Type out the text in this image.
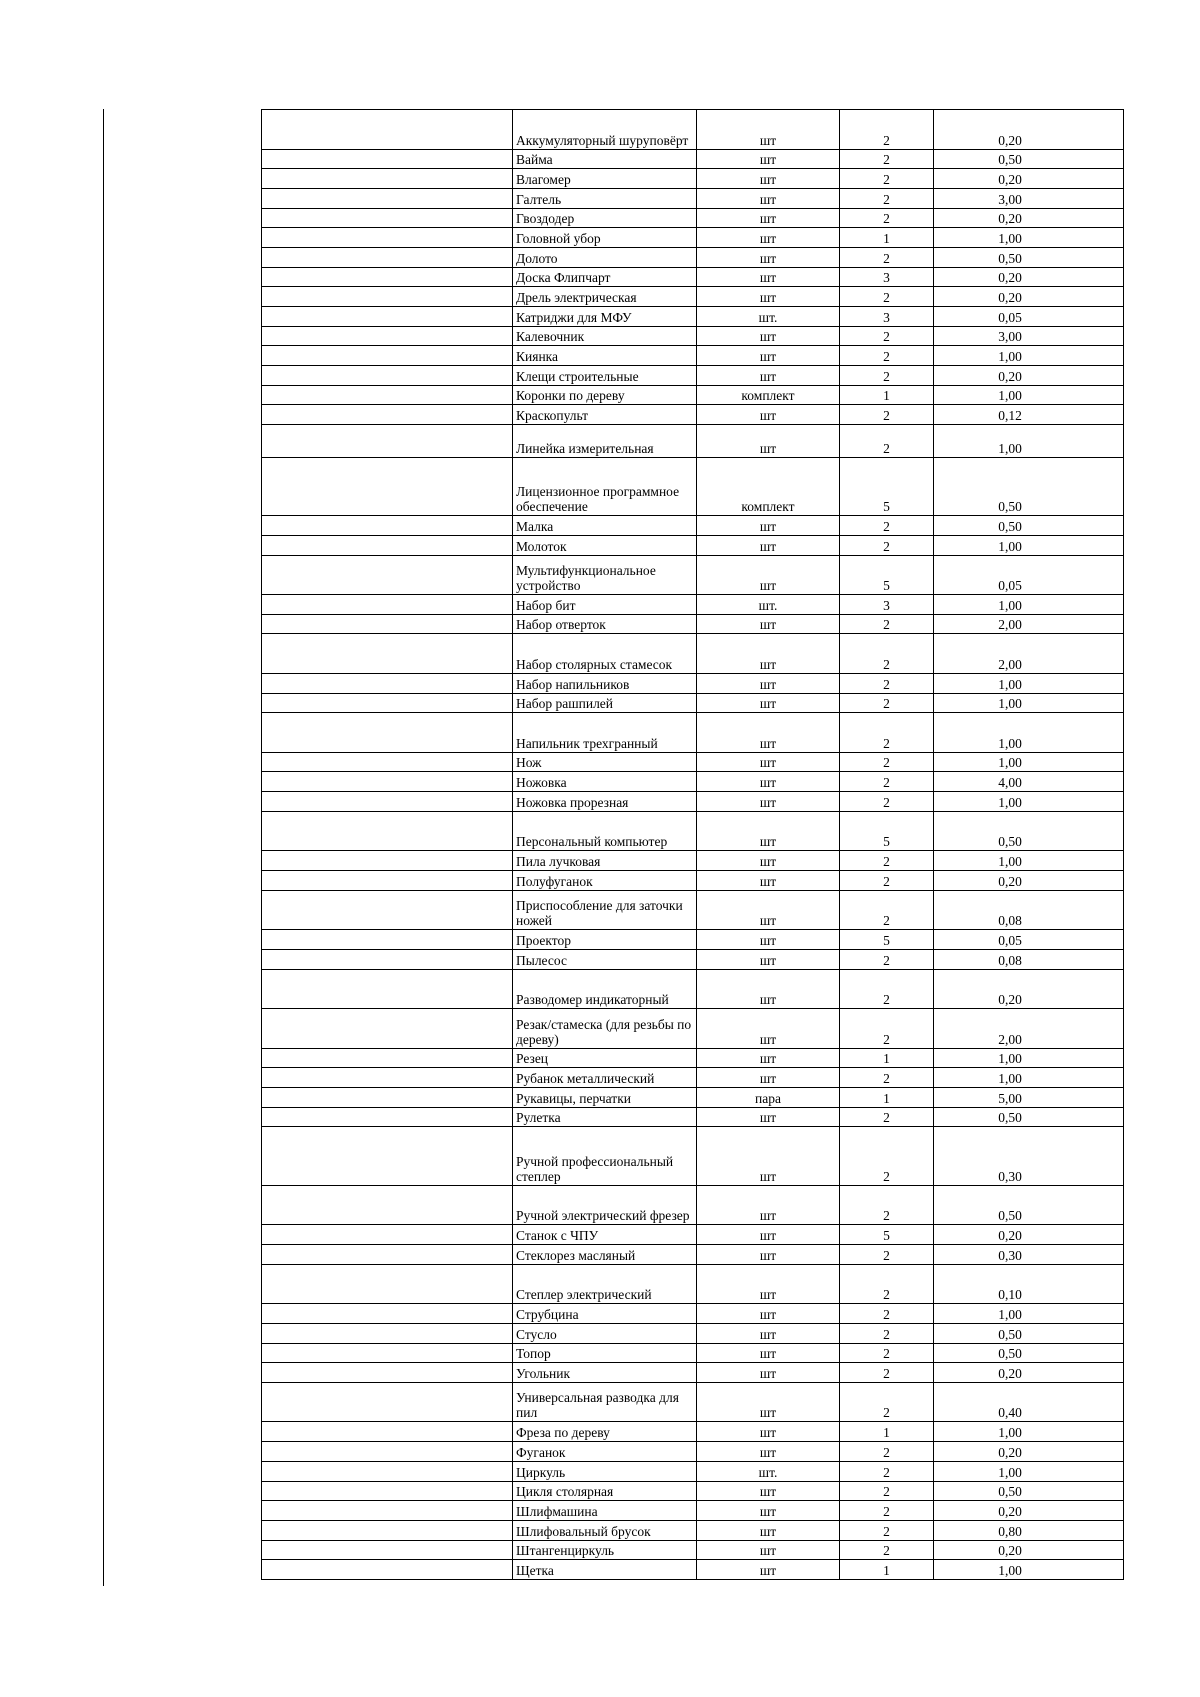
	Аккумуляторный шуруповёрт	шт	2	0,20
	Вайма	шт	2	0,50
	Влагомер	шт	2	0,20
	Галтель	шт	2	3,00
	Гвоздодер	шт	2	0,20
	Головной убор	шт	1	1,00
	Долото	шт	2	0,50
	Доска Флипчарт	шт	3	0,20
	Дрель электрическая	шт	2	0,20
	Катриджи для МФУ	шт.	3	0,05
	Калевочник	шт	2	3,00
	Киянка	шт	2	1,00
	Клещи строительные	шт	2	0,20
	Коронки по дереву	комплект	1	1,00
	Краскопульт	шт	2	0,12
	Линейка измерительная	шт	2	1,00
	Лицензионное программное обеспечение	комплект	5	0,50
	Малка	шт	2	0,50
	Молоток	шт	2	1,00
	Мультифункциональное устройство	шт	5	0,05
	Набор бит	шт.	3	1,00
	Набор отверток	шт	2	2,00
	Набор столярных стамесок	шт	2	2,00
	Набор напильников	шт	2	1,00
	Набор рашпилей	шт	2	1,00
	Напильник трехгранный	шт	2	1,00
	Нож	шт	2	1,00
	Ножовка	шт	2	4,00
	Ножовка прорезная	шт	2	1,00
	Персональный компьютер	шт	5	0,50
	Пила лучковая	шт	2	1,00
	Полуфуганок	шт	2	0,20
	Приспособление для заточки ножей	шт	2	0,08
	Проектор	шт	5	0,05
	Пылесос	шт	2	0,08
	Разводомер индикаторный	шт	2	0,20
	Резак/стамеска (для резьбы по дереву)	шт	2	2,00
	Резец	шт	1	1,00
	Рубанок металлический	шт	2	1,00
	Рукавицы, перчатки	пара	1	5,00
	Рулетка	шт	2	0,50
	Ручной профессиональный степлер	шт	2	0,30
	Ручной электрический фрезер	шт	2	0,50
	Станок с ЧПУ	шт	5	0,20
	Стеклорез масляный	шт	2	0,30
	Степлер электрический	шт	2	0,10
	Струбцина	шт	2	1,00
	Стусло	шт	2	0,50
	Топор	шт	2	0,50
	Угольник	шт	2	0,20
	Универсальная разводка для пил	шт	2	0,40
	Фреза по дереву	шт	1	1,00
	Фуганок	шт	2	0,20
	Циркуль	шт.	2	1,00
	Цикля столярная	шт	2	0,50
	Шлифмашина	шт	2	0,20
	Шлифовальный брусок	шт	2	0,80
	Штангенциркуль	шт	2	0,20
	Щетка	шт	1	1,00
